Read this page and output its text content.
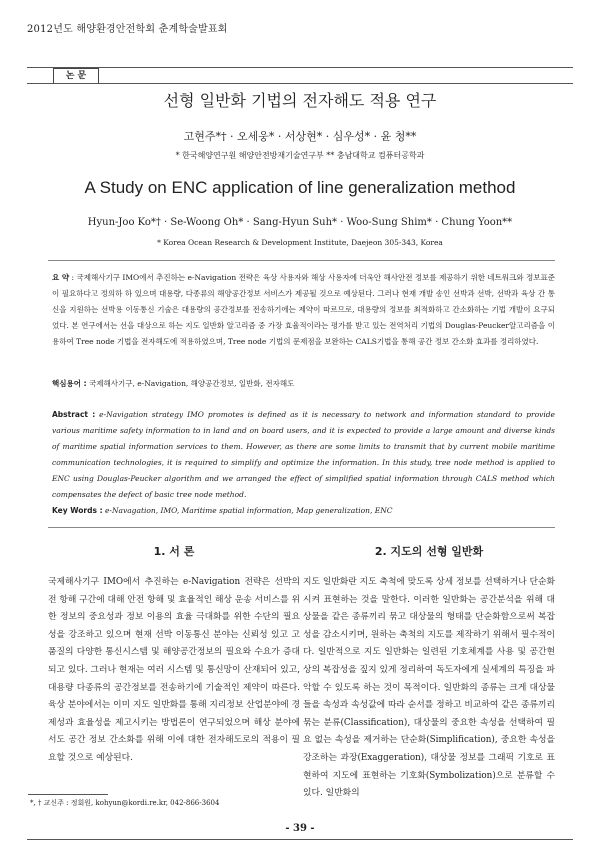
2012년도 해양환경안전학회 춘계학술발표회
논 문
선형 일반화 기법의 전자해도 적용 연구
고현주*† · 오세웅* · 서상현* · 심우성* · 윤 청**
* 한국해양연구원 해양안전방재기술연구부 ** 충남대학교 컴퓨터공학과
A Study on ENC application of line generalization method
Hyun-Joo Ko*† · Se-Woong Oh* · Sang-Hyun Suh* · Woo-Sung Shim* · Chung Yoon**
* Korea Ocean Research & Development Institute, Daejeon 305-343, Korea
요 약 : 국제해사기구 IMO에서 추진하는 e-Navigation 전략은 육상 사용자와 해상 사용자에 더욱안 해사안전 정보를 제공하기 위한 네트워크와 정보표준이 필요하다고 정의하 하 있으며 대용량, 다종류의 해양공간정보 서비스가 제공될 것으로 예상된다. 그러나 현재 개발 송인 선박과 선박, 선박과 육상 간 통신을 지원하는 선박용 이동통신 기술은 대용량의 공간정보를 전송하기에는 제약이 따르므로, 대용량의 정보를 최적화하고 간소화하는 기법 개발이 요구되었다. 본 연구에서는 선을 대상으로 하는 지도 일반화 알고리즘 중 가장 효율적이라는 평가를 받고 있는 전역처리 기법의 Douglas-Peucker알고리즘을 이용하여 Tree node 기법을 전자해도에 적용하였으며, Tree node 기법의 문제점을 보완하는 CALS기법을 통해 공간 정보 간소화 효과를 정리하였다.
핵심용어 : 국제해사기구, e-Navigation, 해양공간정보, 일반화, 전자해도
Abstract : e-Navigation strategy IMO promotes is defined as it is necessary to network and information standard to provide various maritime safety information to in land and on board users, and it is expected to provide a large amount and diverse kinds of maritime spatial information services to them. However, as there are some limits to transmit that by current mobile maritime communication technologies, it is required to simplify and optimize the information. In this study, tree node method is applied to ENC using Douglas-Peucker algorithm and we arranged the effect of simplified spatial information through CALS method which compensates the defect of basic tree node method.
Key Words : e-Navagation, IMO, Maritime spatial information, Map generalization, ENC
1. 서 론	2. 지도의 선형 일반화

국제해사기구 IMO에서 추진하는 e-Navigation 전략은 선박의 전 항해 구간에 대해 안전 항해 및 효율적인 해상 운송 서비스를 위한 정보의 중요성과 정보 이용의 효율 극대화를 위한 수단의 필요성을 강조하고 있으며 현재 선박 이동통신 분야는 신뢰성 있고 고품질의 다양한 통신시스템 및 해양공간정보의 필요와 수요가 증대되고 있다. 그러나 현재는 여러 시스템 및 통신망이 산재되어 있고, 대용량 다종류의 공간정보를 전송하기에 기술적인 제약이 따른다. 육상 분야에서는 이미 지도 일반화를 통해 지리정보 산업분야에 경제성과 효율성을 제고시키는 방법론이 연구되었으며 해상 분야에서도 공간 정보 간소화를 위해 이에 대한 전자해도로의 적용이 필요할 것으로 예상된다.

지도 일반화란 지도 축척에 맞도록 상세 정보를 선택하거나 단순화시켜 표현하는 것을 말한다. 이러한 일반화는 공간분석을 위해 대상물을 같은 종류끼리 묶고 대상물의 형태를 단순화함으로써 복잡성을 감소시키며, 원하는 축척의 지도를 제작하기 위해서 필수적이다. 일반적으로 지도 일반화는 일련된 기호체계를 사용 및 공간현상의 복잡성을 짚지 있게 정리하여 독도자에게 실세계의 특징을 파악할 수 있도록 하는 것이 목적이다. 일반화의 종류는 크게 대상물들을 속성과 속성값에 따라 순서를 정하고 비교하여 같은 종류끼리 묶는 분류(Classification), 대상물의 중요한 속성을 선택하여 필요 없는 속성을 제거하는 단순화(Simplification), 중요한 속성을 강조하는 과장(Exaggeration), 대상물 정보를 그래픽 기호로 표현하여 지도에 표현하는 기호화(Symbolization)으로 분류할 수 있다. 일반화의

*, † 교신주 : 정회원, kohyun@kordi.re.kr, 042-866-3604
- 39 -
